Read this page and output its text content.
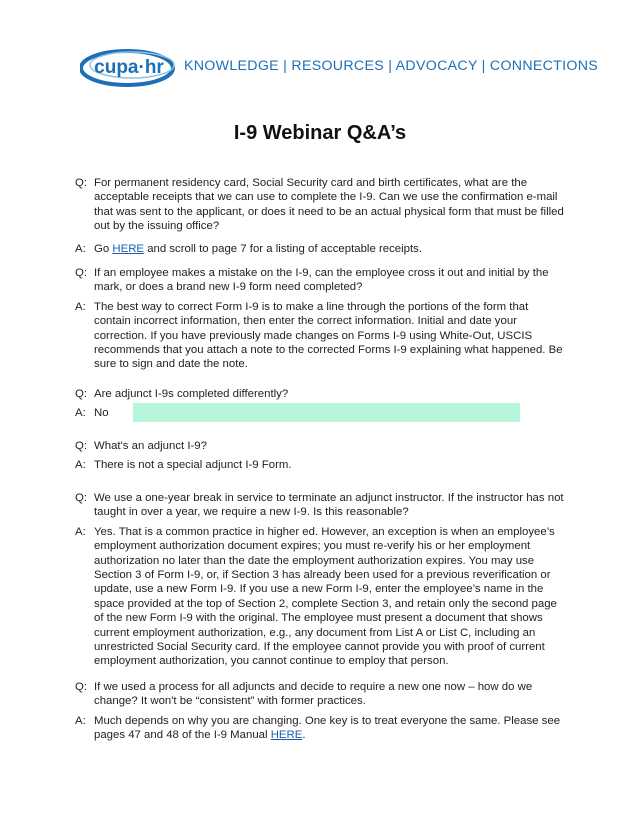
cupa·hr KNOWLEDGE | RESOURCES | ADVOCACY | CONNECTIONS
I-9 Webinar Q&A’s
Q: For permanent residency card, Social Security card and birth certificates, what are the acceptable receipts that we can use to complete the I-9. Can we use the confirmation e-mail that was sent to the applicant, or does it need to be an actual physical form that must be filled out by the issuing office?
A: Go HERE and scroll to page 7 for a listing of acceptable receipts.
Q: If an employee makes a mistake on the I-9, can the employee cross it out and initial by the mark, or does a brand new I-9 form need completed?
A: The best way to correct Form I-9 is to make a line through the portions of the form that contain incorrect information, then enter the correct information. Initial and date your correction. If you have previously made changes on Forms I-9 using White-Out, USCIS recommends that you attach a note to the corrected Forms I-9 explaining what happened. Be sure to sign and date the note.
Q: Are adjunct I-9s completed differently?
A: No
Q: What's an adjunct I-9?
A: There is not a special adjunct I-9 Form.
Q: We use a one-year break in service to terminate an adjunct instructor. If the instructor has not taught in over a year, we require a new I-9. Is this reasonable?
A: Yes. That is a common practice in higher ed. However, an exception is when an employee’s employment authorization document expires; you must re-verify his or her employment authorization no later than the date the employment authorization expires. You may use Section 3 of Form I-9, or, if Section 3 has already been used for a previous reverification or update, use a new Form I-9. If you use a new Form I-9, enter the employee’s name in the space provided at the top of Section 2, complete Section 3, and retain only the second page of the new Form I-9 with the original. The employee must present a document that shows current employment authorization, e.g., any document from List A or List C, including an unrestricted Social Security card. If the employee cannot provide you with proof of current employment authorization, you cannot continue to employ that person.
Q: If we used a process for all adjuncts and decide to require a new one now – how do we change? It won't be “consistent” with former practices.
A: Much depends on why you are changing. One key is to treat everyone the same. Please see pages 47 and 48 of the I-9 Manual HERE.
